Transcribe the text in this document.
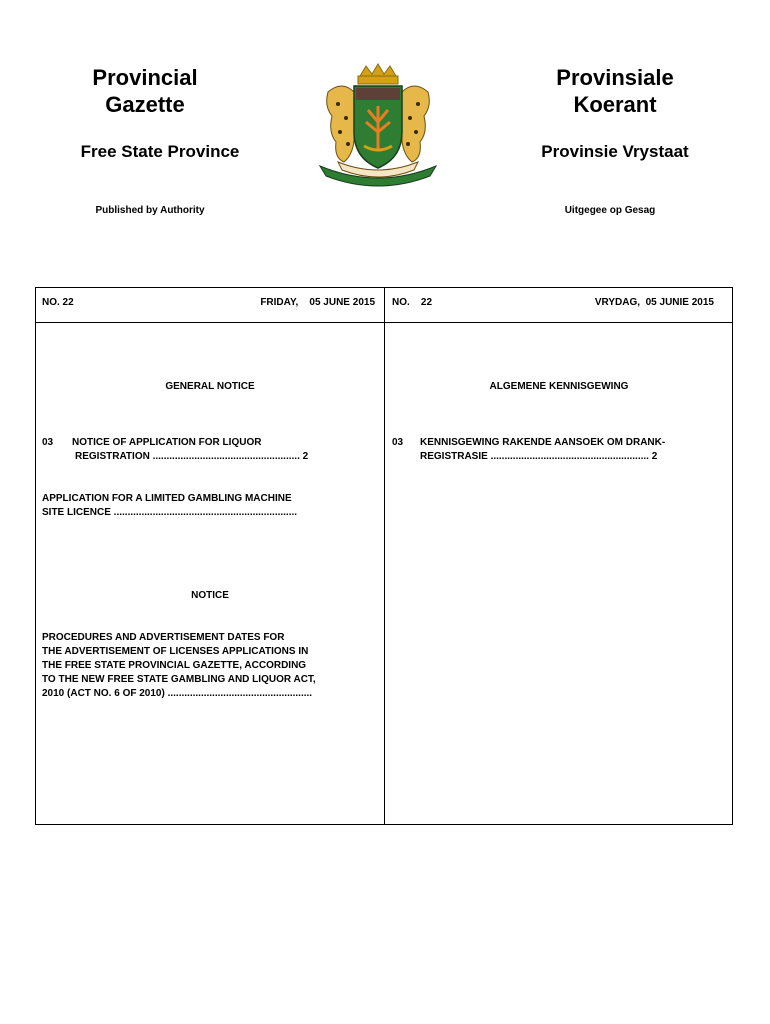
Provincial
Gazette
Free State Province
Published by Authority
Provinsiale
Koerant
Provinsie Vrystaat
Uitgegee op Gesag
NO. 22	FRIDAY,    05 JUNE 2015 NO.    22	VRYDAG,  05 JUNIE 2015
GENERAL NOTICE
03 NOTICE OF APPLICATION FOR LIQUOR
REGISTRATION ..................................................... 2
APPLICATION FOR A LIMITED GAMBLING MACHINE
SITE LICENCE ..................................................................
NOTICE
PROCEDURES AND ADVERTISEMENT DATES FOR
THE ADVERTISEMENT OF LICENSES APPLICATIONS IN
THE FREE STATE PROVINCIAL GAZETTE, ACCORDING
TO THE NEW FREE STATE GAMBLING AND LIQUOR ACT,
2010 (ACT NO. 6 OF 2010) ....................................................
ALGEMENE KENNISGEWING
03 KENNISGEWING RAKENDE AANSOEK OM DRANK-
REGISTRASIE ......................................................... 2
